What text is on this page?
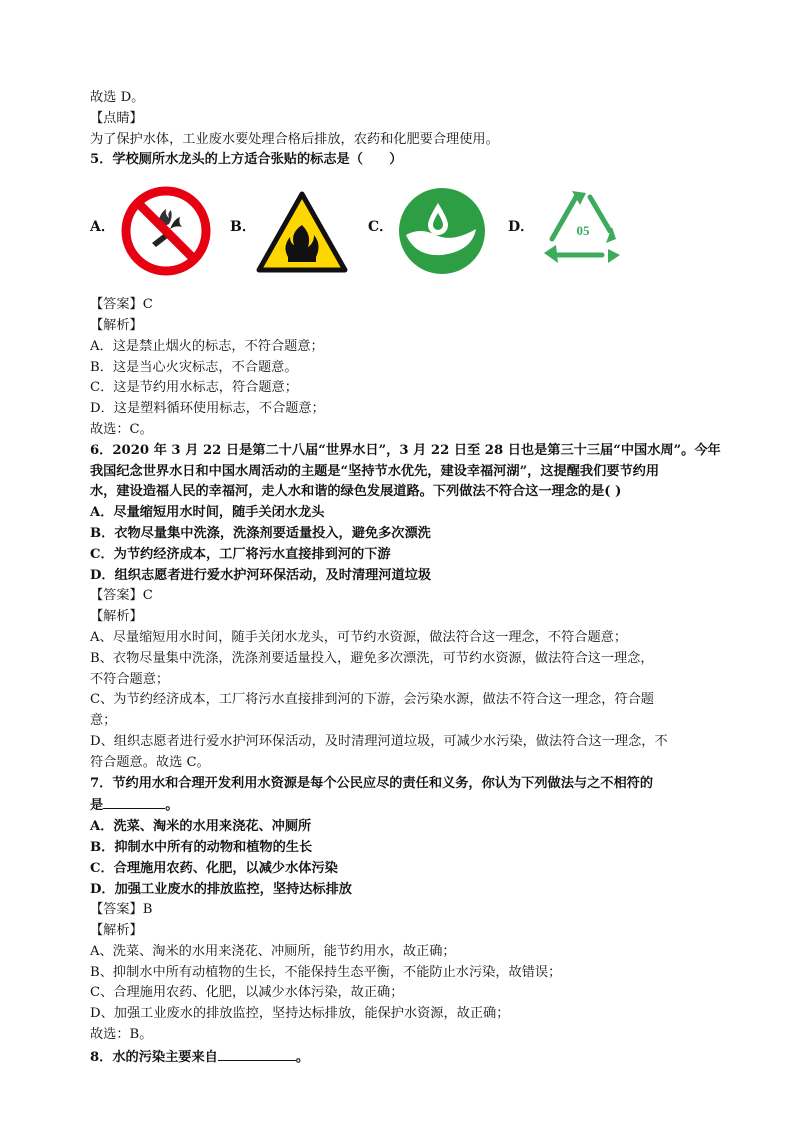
故选 D。
【点睛】
为了保护水体，工业废水要处理合格后排放，农药和化肥要合理使用。
5．学校厕所水龙头的上方适合张贴的标志是（　　）
A．	B．	C．	D．	05
【答案】C
【解析】
A．这是禁止烟火的标志，不符合题意；
B．这是当心火灾标志，不合题意。
C．这是节约用水标志，符合题意；
D．这是塑料循环使用标志，不合题意；
故选：C。
6．2020 年 3 月 22 日是第二十八届“世界水日”，3 月 22 日至 28 日也是第三十三届“中国水周”。今年
我国纪念世界水日和中国水周活动的主题是“坚持节水优先，建设幸福河湖”，这提醒我们要节约用
水，建设造福人民的幸福河，走人水和谐的绿色发展道路。下列做法不符合这一理念的是( )
A．尽量缩短用水时间，随手关闭水龙头
B．衣物尽量集中洗涤，洗涤剂要适量投入，避免多次漂洗
C．为节约经济成本，工厂将污水直接排到河的下游
D．组织志愿者进行爱水护河环保活动，及时清理河道垃圾
【答案】C
【解析】
A、尽量缩短用水时间，随手关闭水龙头，可节约水资源，做法符合这一理念，不符合题意；
B、衣物尽量集中洗涤，洗涤剂要适量投入，避免多次漂洗，可节约水资源，做法符合这一理念，
不符合题意；
C、为节约经济成本，工厂将污水直接排到河的下游，会污染水源，做法不符合这一理念，符合题
意；
D、组织志愿者进行爱水护河环保活动，及时清理河道垃圾，可减少水污染，做法符合这一理念，不
符合题意。故选 C。
7．节约用水和合理开发利用水资源是每个公民应尽的责任和义务，你认为下列做法与之不相符的
是	。
A．洗菜、淘米的水用来浇花、冲厕所
B．抑制水中所有的动物和植物的生长
C．合理施用农药、化肥，以减少水体污染
D．加强工业废水的排放监控，坚持达标排放
【答案】B
【解析】
A、洗菜、淘米的水用来浇花、冲厕所，能节约用水，故正确；
B、抑制水中所有动植物的生长，不能保持生态平衡，不能防止水污染，故错误；
C、合理施用农药、化肥，以减少水体污染，故正确；
D、加强工业废水的排放监控，坚持达标排放，能保护水资源，故正确；
故选：B。
8．水的污染主要来自	。
